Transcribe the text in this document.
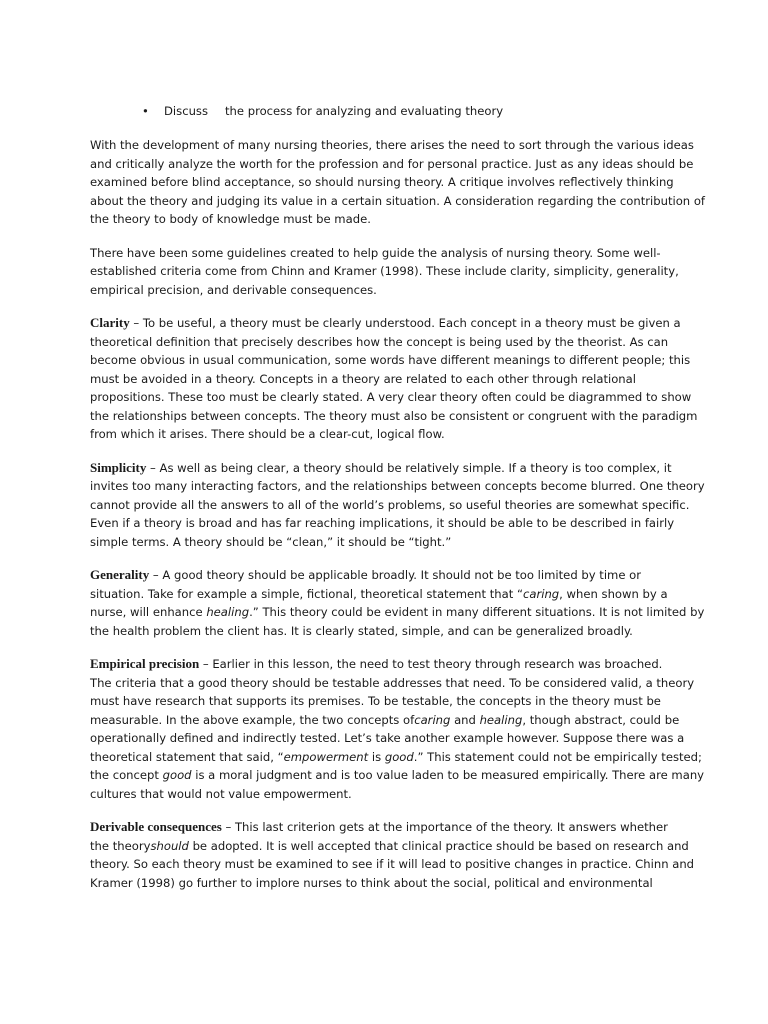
• Discuss the process for analyzing and evaluating theory

With the development of many nursing theories, there arises the need to sort through the various ideas
and critically analyze the worth for the profession and for personal practice. Just as any ideas should be
examined before blind acceptance, so should nursing theory. A critique involves reflectively thinking
about the theory and judging its value in a certain situation. A consideration regarding the contribution of
the theory to body of knowledge must be made.

There have been some guidelines created to help guide the analysis of nursing theory. Some well-
established criteria come from Chinn and Kramer (1998). These include clarity, simplicity, generality,
empirical precision, and derivable consequences.

Clarity – To be useful, a theory must be clearly understood. Each concept in a theory must be given a
theoretical definition that precisely describes how the concept is being used by the theorist. As can
become obvious in usual communication, some words have different meanings to different people; this
must be avoided in a theory. Concepts in a theory are related to each other through relational
propositions. These too must be clearly stated. A very clear theory often could be diagrammed to show
the relationships between concepts. The theory must also be consistent or congruent with the paradigm
from which it arises. There should be a clear-cut, logical flow.

Simplicity – As well as being clear, a theory should be relatively simple. If a theory is too complex, it
invites too many interacting factors, and the relationships between concepts become blurred. One theory
cannot provide all the answers to all of the world’s problems, so useful theories are somewhat specific.
Even if a theory is broad and has far reaching implications, it should be able to be described in fairly
simple terms. A theory should be “clean,” it should be “tight.”

Generality – A good theory should be applicable broadly. It should not be too limited by time or
situation. Take for example a simple, fictional, theoretical statement that “caring, when shown by a
nurse, will enhance healing.” This theory could be evident in many different situations. It is not limited by
the health problem the client has. It is clearly stated, simple, and can be generalized broadly.

Empirical precision – Earlier in this lesson, the need to test theory through research was broached.
The criteria that a good theory should be testable addresses that need. To be considered valid, a theory
must have research that supports its premises. To be testable, the concepts in the theory must be
measurable. In the above example, the two concepts ofcaring and healing, though abstract, could be
operationally defined and indirectly tested. Let’s take another example however. Suppose there was a
theoretical statement that said, “empowerment is good.” This statement could not be empirically tested;
the concept good is a moral judgment and is too value laden to be measured empirically. There are many
cultures that would not value empowerment.

Derivable consequences – This last criterion gets at the importance of the theory. It answers whether
the theoryshould be adopted. It is well accepted that clinical practice should be based on research and
theory. So each theory must be examined to see if it will lead to positive changes in practice. Chinn and
Kramer (1998) go further to implore nurses to think about the social, political and environmental
